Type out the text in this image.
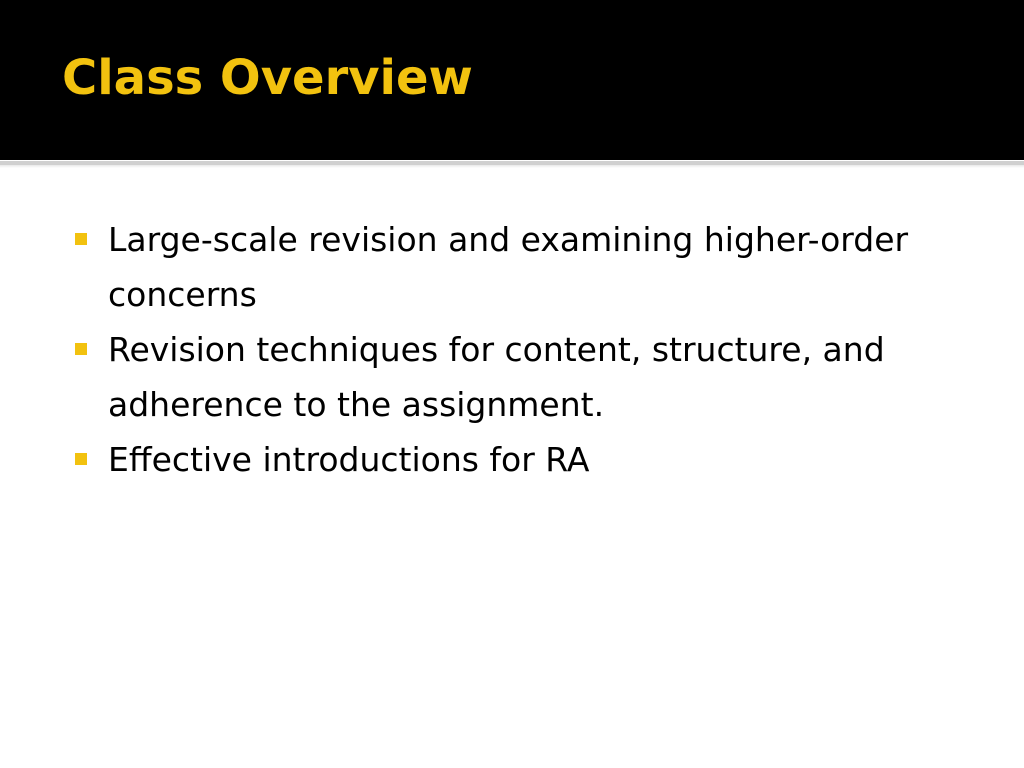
Class Overview
Large-scale revision and examining higher-order concerns
Revision techniques for content, structure, and adherence to the assignment.
Effective introductions for RA
